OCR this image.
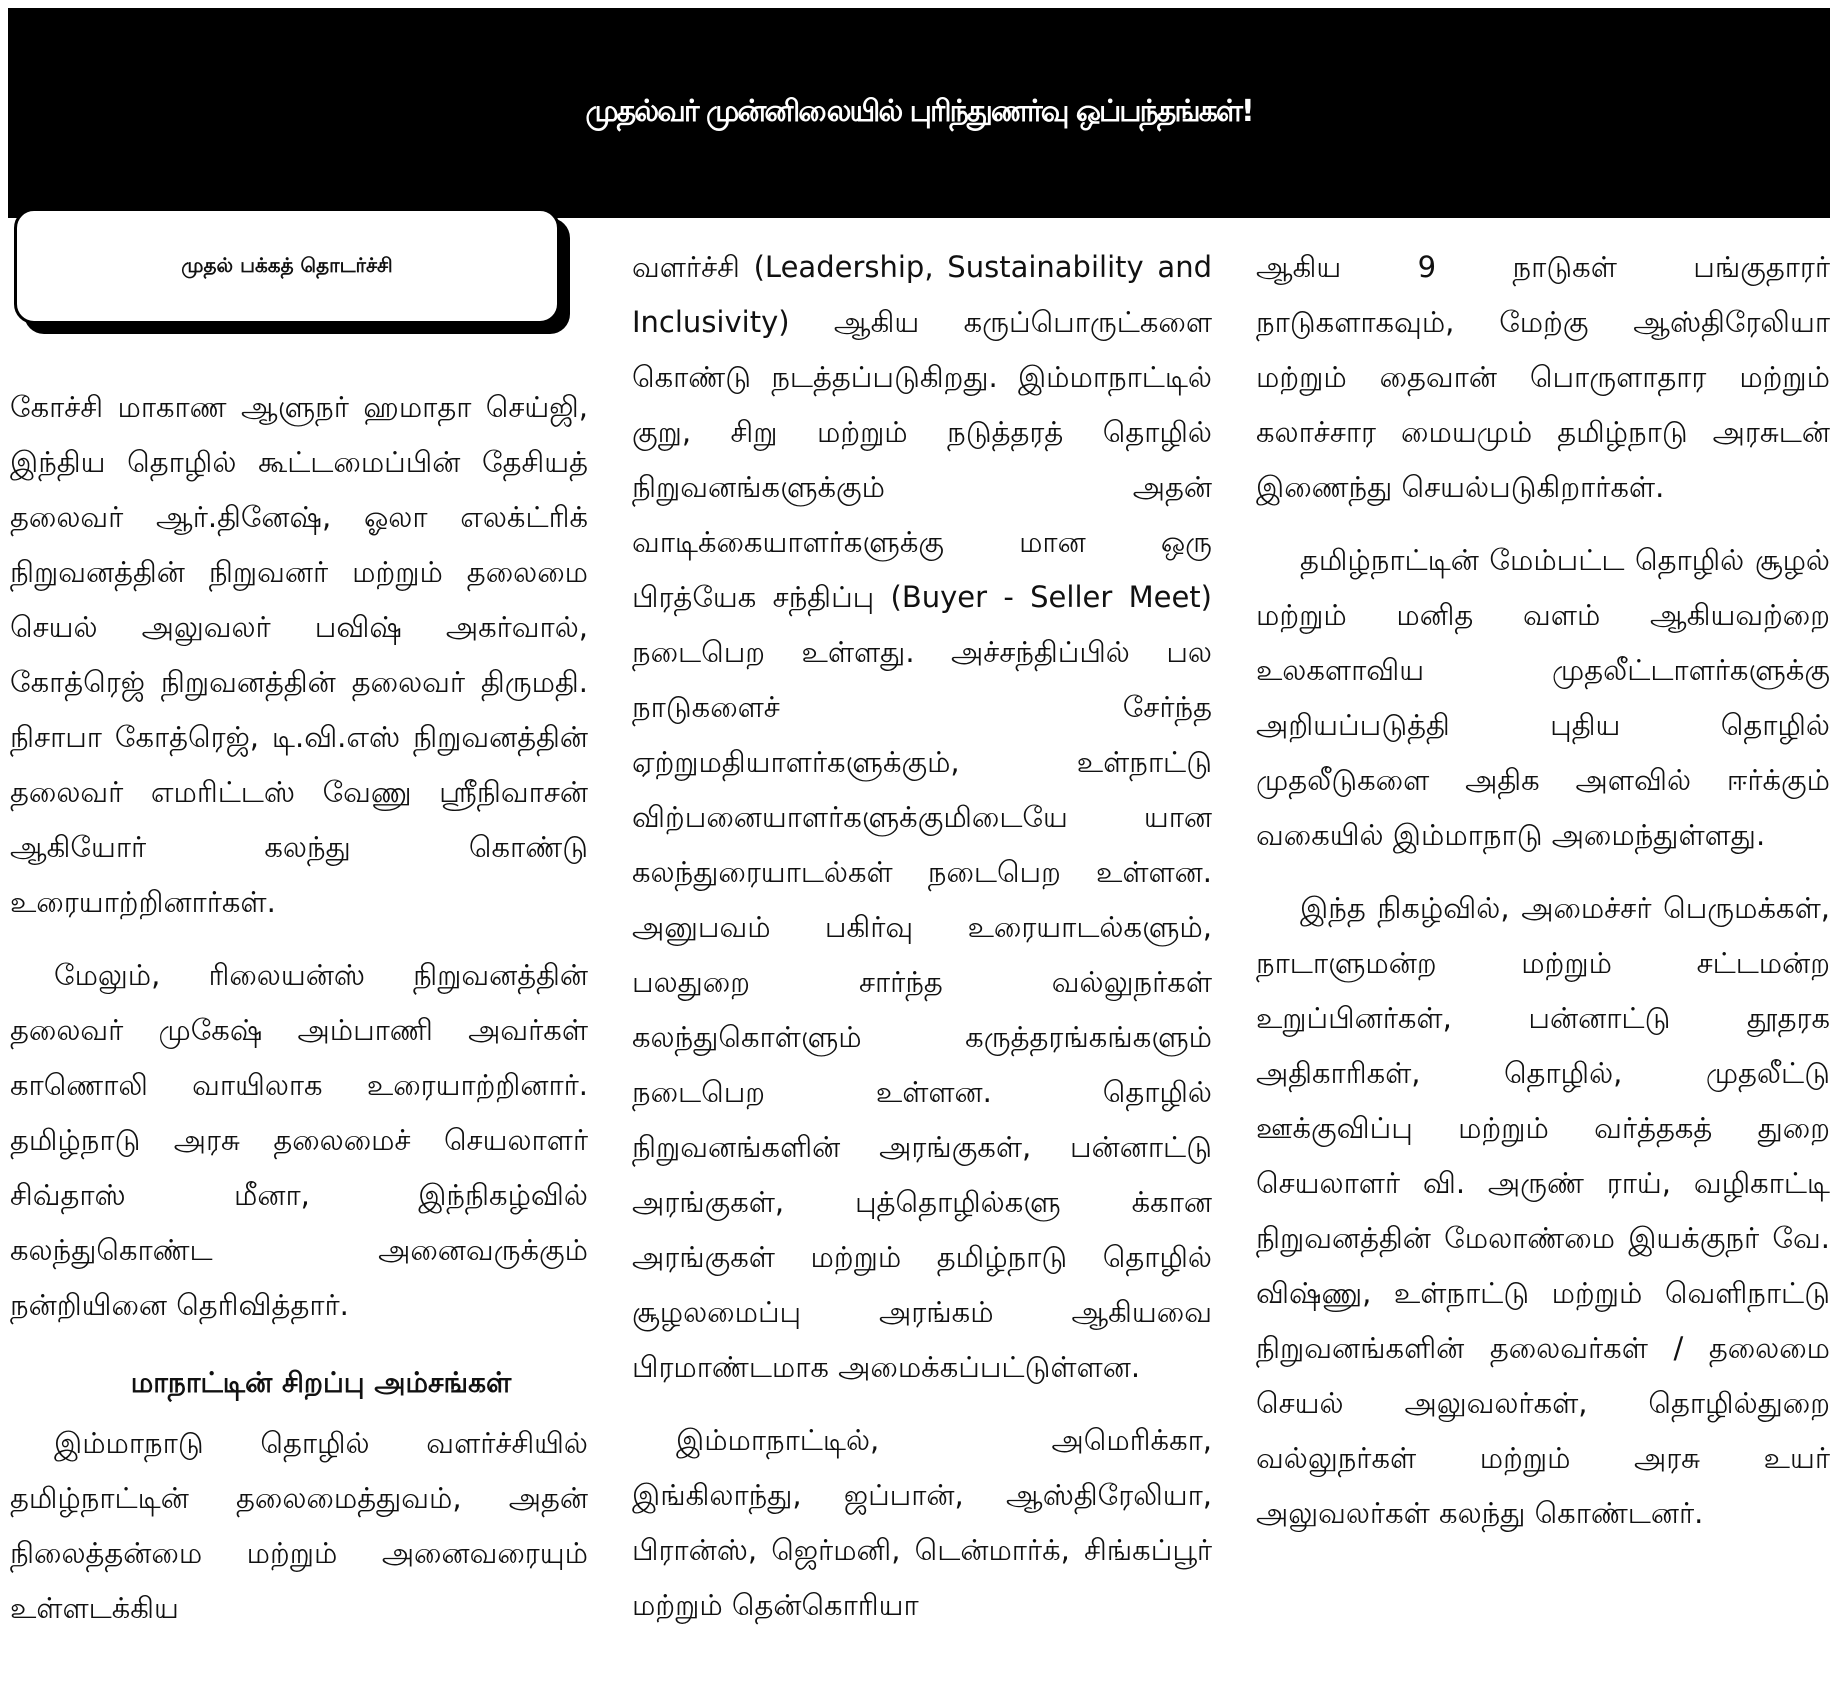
முதல்வர் முன்னிலையில் புரிந்துணர்வு ஒப்பந்தங்கள்!
முதல் பக்கத் தொடர்ச்சி

கோச்சி மாகாண ஆளுநர் ஹமாதா செய்ஜி, இந்திய தொழில் கூட்டமைப்பின் தேசியத் தலைவர் ஆர்.தினேஷ், ஓலா எலக்ட்ரிக் நிறுவனத்தின் நிறுவனர் மற்றும் தலைமை செயல் அலுவலர் பவிஷ் அகர்வால், கோத்ரெஜ் நிறுவனத்தின் தலைவர் திருமதி. நிசாபா கோத்ரெஜ், டி.வி.எஸ் நிறுவனத்தின் தலைவர் எமரிட்டஸ் வேணு ஸ்ரீநிவாசன் ஆகியோர் கலந்து கொண்டு உரையாற்றினார்கள்.

மேலும், ரிலையன்ஸ் நிறுவனத்தின் தலைவர் முகேஷ் அம்பாணி அவர்கள் காணொலி வாயிலாக உரையாற்றினார். தமிழ்நாடு அரசு தலைமைச் செயலாளர் சிவ்தாஸ் மீனா, இந்நிகழ்வில் கலந்துகொண்ட அனைவருக்கும் நன்றியினை தெரிவித்தார்.

மாநாட்டின் சிறப்பு அம்சங்கள்

இம்மாநாடு தொழில் வளர்ச்சியில் தமிழ்நாட்டின் தலைமைத்துவம், அதன் நிலைத்தன்மை மற்றும் அனைவரையும் உள்ளடக்கிய

வளர்ச்சி (Leadership, Sustainability and Inclusivity) ஆகிய கருப்பொருட்களை கொண்டு நடத்தப்படுகிறது. இம்மாநாட்டில் குறு, சிறு மற்றும் நடுத்தரத் தொழில் நிறுவனங்களுக்கும் அதன் வாடிக்கையாளர்களுக்கு மான ஒரு பிரத்யேக சந்திப்பு (Buyer - Seller Meet) நடைபெற உள்ளது. அச்சந்திப்பில் பல நாடுகளைச் சேர்ந்த ஏற்றுமதியாளர்களுக்கும், உள்நாட்டு விற்பனையாளர்களுக்குமிடையே யான கலந்துரையாடல்கள் நடைபெற உள்ளன. அனுபவம் பகிர்வு உரையாடல்களும், பலதுறை சார்ந்த வல்லுநர்கள் கலந்துகொள்ளும் கருத்தரங்கங்களும் நடைபெற உள்ளன. தொழில் நிறுவனங்களின் அரங்குகள், பன்னாட்டு அரங்குகள், புத்தொழில்களு க்கான அரங்குகள் மற்றும் தமிழ்நாடு தொழில் சூழலமைப்பு அரங்கம் ஆகியவை பிரமாண்டமாக அமைக்கப்பட்டுள்ளன.

இம்மாநாட்டில், அமெரிக்கா, இங்கிலாந்து, ஜப்பான், ஆஸ்திரேலியா, பிரான்ஸ், ஜெர்மனி, டென்மார்க், சிங்கப்பூர் மற்றும் தென்கொரியா

ஆகிய 9 நாடுகள் பங்குதாரர் நாடுகளாகவும், மேற்கு ஆஸ்திரேலியா மற்றும் தைவான் பொருளாதார மற்றும் கலாச்சார மையமும் தமிழ்நாடு அரசுடன் இணைந்து செயல்படுகிறார்கள்.

தமிழ்நாட்டின் மேம்பட்ட தொழில் சூழல் மற்றும் மனித வளம் ஆகியவற்றை உலகளாவிய முதலீட்டாளர்களுக்கு அறியப்படுத்தி புதிய தொழில் முதலீடுகளை அதிக அளவில் ஈர்க்கும் வகையில் இம்மாநாடு அமைந்துள்ளது.

இந்த நிகழ்வில், அமைச்சர் பெருமக்கள், நாடாளுமன்ற மற்றும் சட்டமன்ற உறுப்பினர்கள், பன்னாட்டு தூதரக அதிகாரிகள், தொழில், முதலீட்டு ஊக்குவிப்பு மற்றும் வர்த்தகத் துறை செயலாளர் வி. அருண் ராய், வழிகாட்டி நிறுவனத்தின் மேலாண்மை இயக்குநர் வே. விஷ்ணு, உள்நாட்டு மற்றும் வெளிநாட்டு நிறுவனங்களின் தலைவர்கள் / தலைமை செயல் அலுவலர்கள், தொழில்துறை வல்லுநர்கள் மற்றும் அரசு உயர் அலுவலர்கள் கலந்து கொண்டனர்.
